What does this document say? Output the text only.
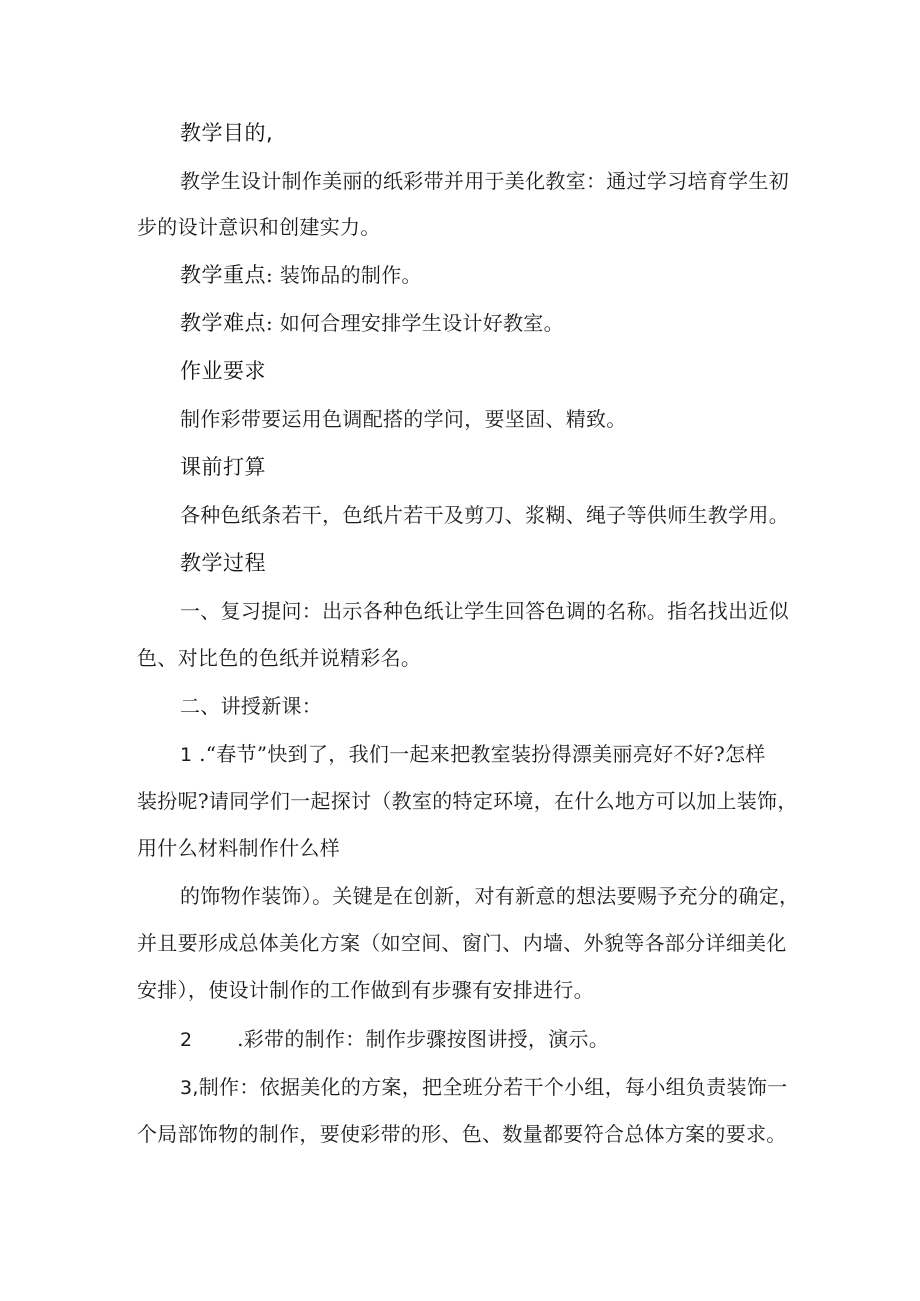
教学目的,
教学生设计制作美丽的纸彩带并用于美化教室：通过学习培育学生初
步的设计意识和创建实力。
教学重点: 装饰品的制作。
教学难点: 如何合理安排学生设计好教室。
作业要求
制作彩带要运用色调配搭的学问，要坚固、精致。
课前打算
各种色纸条若干，色纸片若干及剪刀、浆糊、绳子等供师生教学用。
教学过程
一、复习提问：出示各种色纸让学生回答色调的名称。指名找出近似
色、对比色的色纸并说精彩名。
二、讲授新课：
1 .“春节”快到了，我们一起来把教室装扮得漂美丽亮好不好?怎样
装扮呢?请同学们一起探讨（教室的特定环境，在什么地方可以加上装饰，
用什么材料制作什么样
的饰物作装饰）。关键是在创新，对有新意的想法要赐予充分的确定，
并且要形成总体美化方案（如空间、窗门、内墙、外貌等各部分详细美化
安排），使设计制作的工作做到有步骤有安排进行。
2 .彩带的制作：制作步骤按图讲授，演示。
3,制作：依据美化的方案，把全班分若干个小组，每小组负责装饰一
个局部饰物的制作，要使彩带的形、色、数量都要符合总体方案的要求。
